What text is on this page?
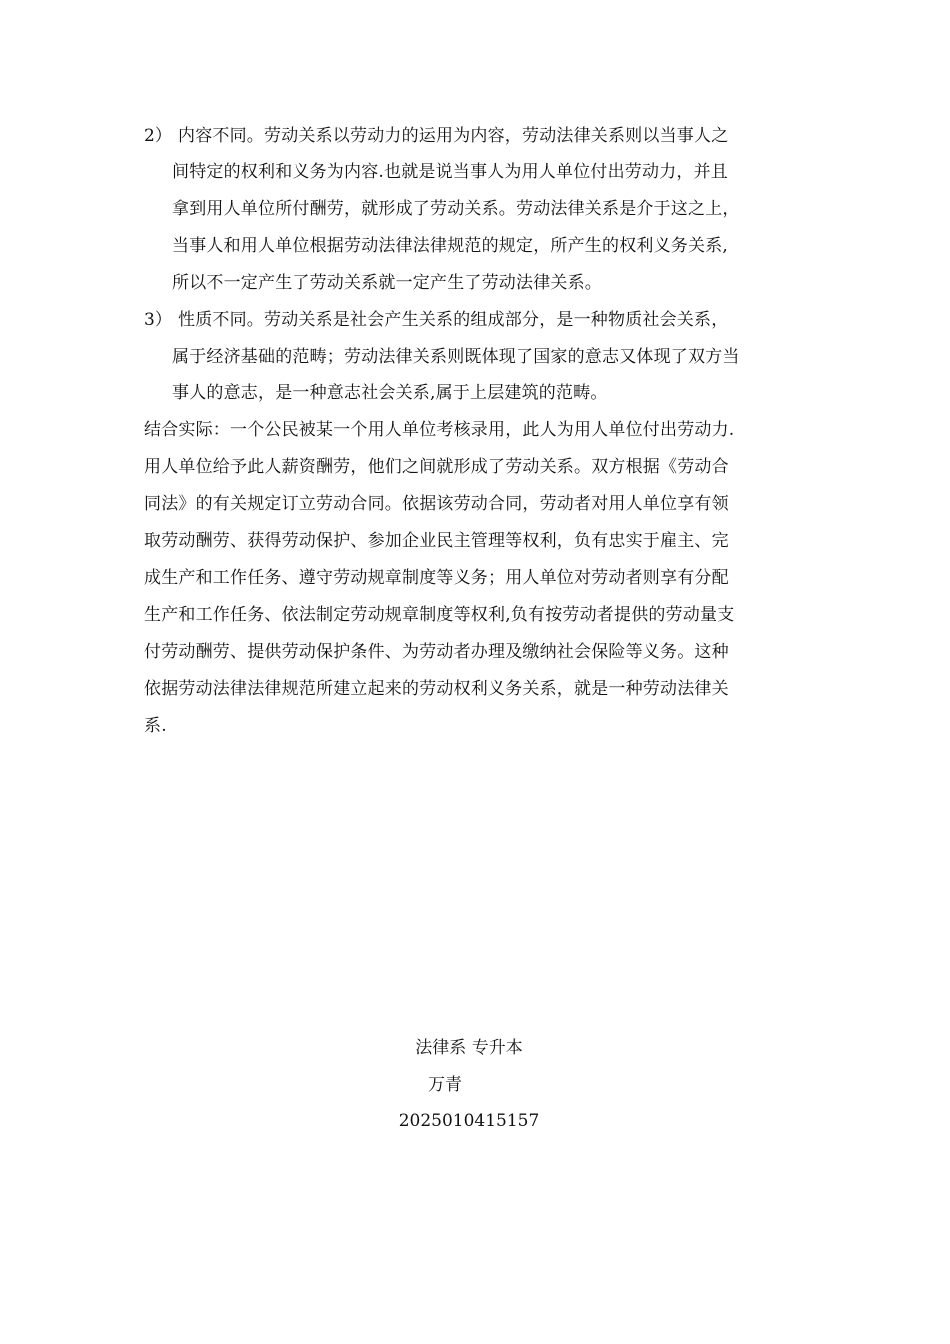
2） 内容不同。劳动关系以劳动力的运用为内容，劳动法律关系则以当事人之
间特定的权利和义务为内容.也就是说当事人为用人单位付出劳动力，并且
拿到用人单位所付酬劳，就形成了劳动关系。劳动法律关系是介于这之上，
当事人和用人单位根据劳动法律法律规范的规定，所产生的权利义务关系,
所以不一定产生了劳动关系就一定产生了劳动法律关系。
3） 性质不同。劳动关系是社会产生关系的组成部分，是一种物质社会关系，
属于经济基础的范畴；劳动法律关系则既体现了国家的意志又体现了双方当
事人的意志，是一种意志社会关系,属于上层建筑的范畴。
结合实际：一个公民被某一个用人单位考核录用，此人为用人单位付出劳动力.
用人单位给予此人薪资酬劳，他们之间就形成了劳动关系。双方根据《劳动合
同法》的有关规定订立劳动合同。依据该劳动合同，劳动者对用人单位享有领
取劳动酬劳、获得劳动保护、参加企业民主管理等权利，负有忠实于雇主、完
成生产和工作任务、遵守劳动规章制度等义务；用人单位对劳动者则享有分配
生产和工作任务、依法制定劳动规章制度等权利,负有按劳动者提供的劳动量支
付劳动酬劳、提供劳动保护条件、为劳动者办理及缴纳社会保险等义务。这种
依据劳动法律法律规范所建立起来的劳动权利义务关系，就是一种劳动法律关
系.
法律系 专升本
万青
2025010415157
